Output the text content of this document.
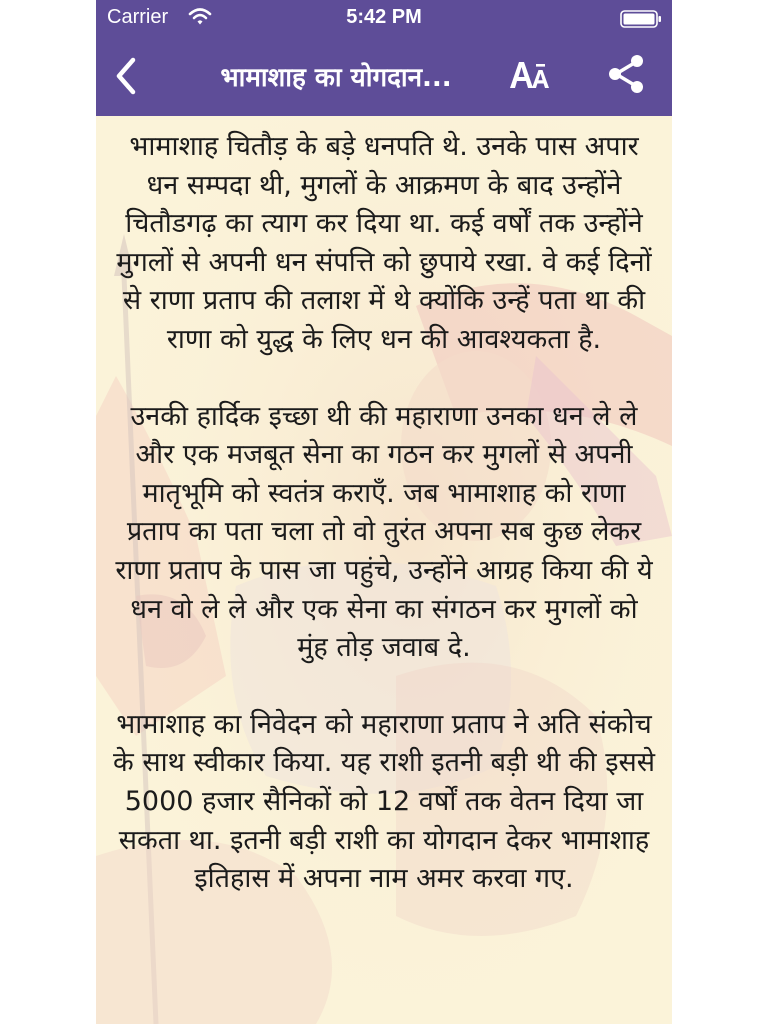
Carrier	5:42 PM
भामाशाह का योगदान...

भामाशाह चितौड़ के बड़े धनपति थे. उनके पास अपार धन सम्पदा थी, मुगलों के आक्रमण के बाद उन्होंने चितौडगढ़ का त्याग कर दिया था. कई वर्षों तक उन्होंने मुगलों से अपनी धन संपत्ति को छुपाये रखा. वे कई दिनों से राणा प्रताप की तलाश में थे क्योंकि उन्हें पता था की राणा को युद्ध के लिए धन की आवश्यकता है.

उनकी हार्दिक इच्छा थी की महाराणा उनका धन ले ले और एक मजबूत सेना का गठन कर मुगलों से अपनी मातृभूमि को स्वतंत्र कराएँ. जब भामाशाह को राणा प्रताप का पता चला तो वो तुरंत अपना सब कुछ लेकर राणा प्रताप के पास जा पहुंचे, उन्होंने आग्रह किया की ये धन वो ले ले और एक सेना का संगठन कर मुगलों को मुंह तोड़ जवाब दे.

भामाशाह का निवेदन को महाराणा प्रताप ने अति संकोच के साथ स्वीकार किया. यह राशी इतनी बड़ी थी की इससे 5000 हजार सैनिकों को 12 वर्षों तक वेतन दिया जा सकता था. इतनी बड़ी राशी का योगदान देकर भामाशाह इतिहास में अपना नाम अमर करवा गए.
